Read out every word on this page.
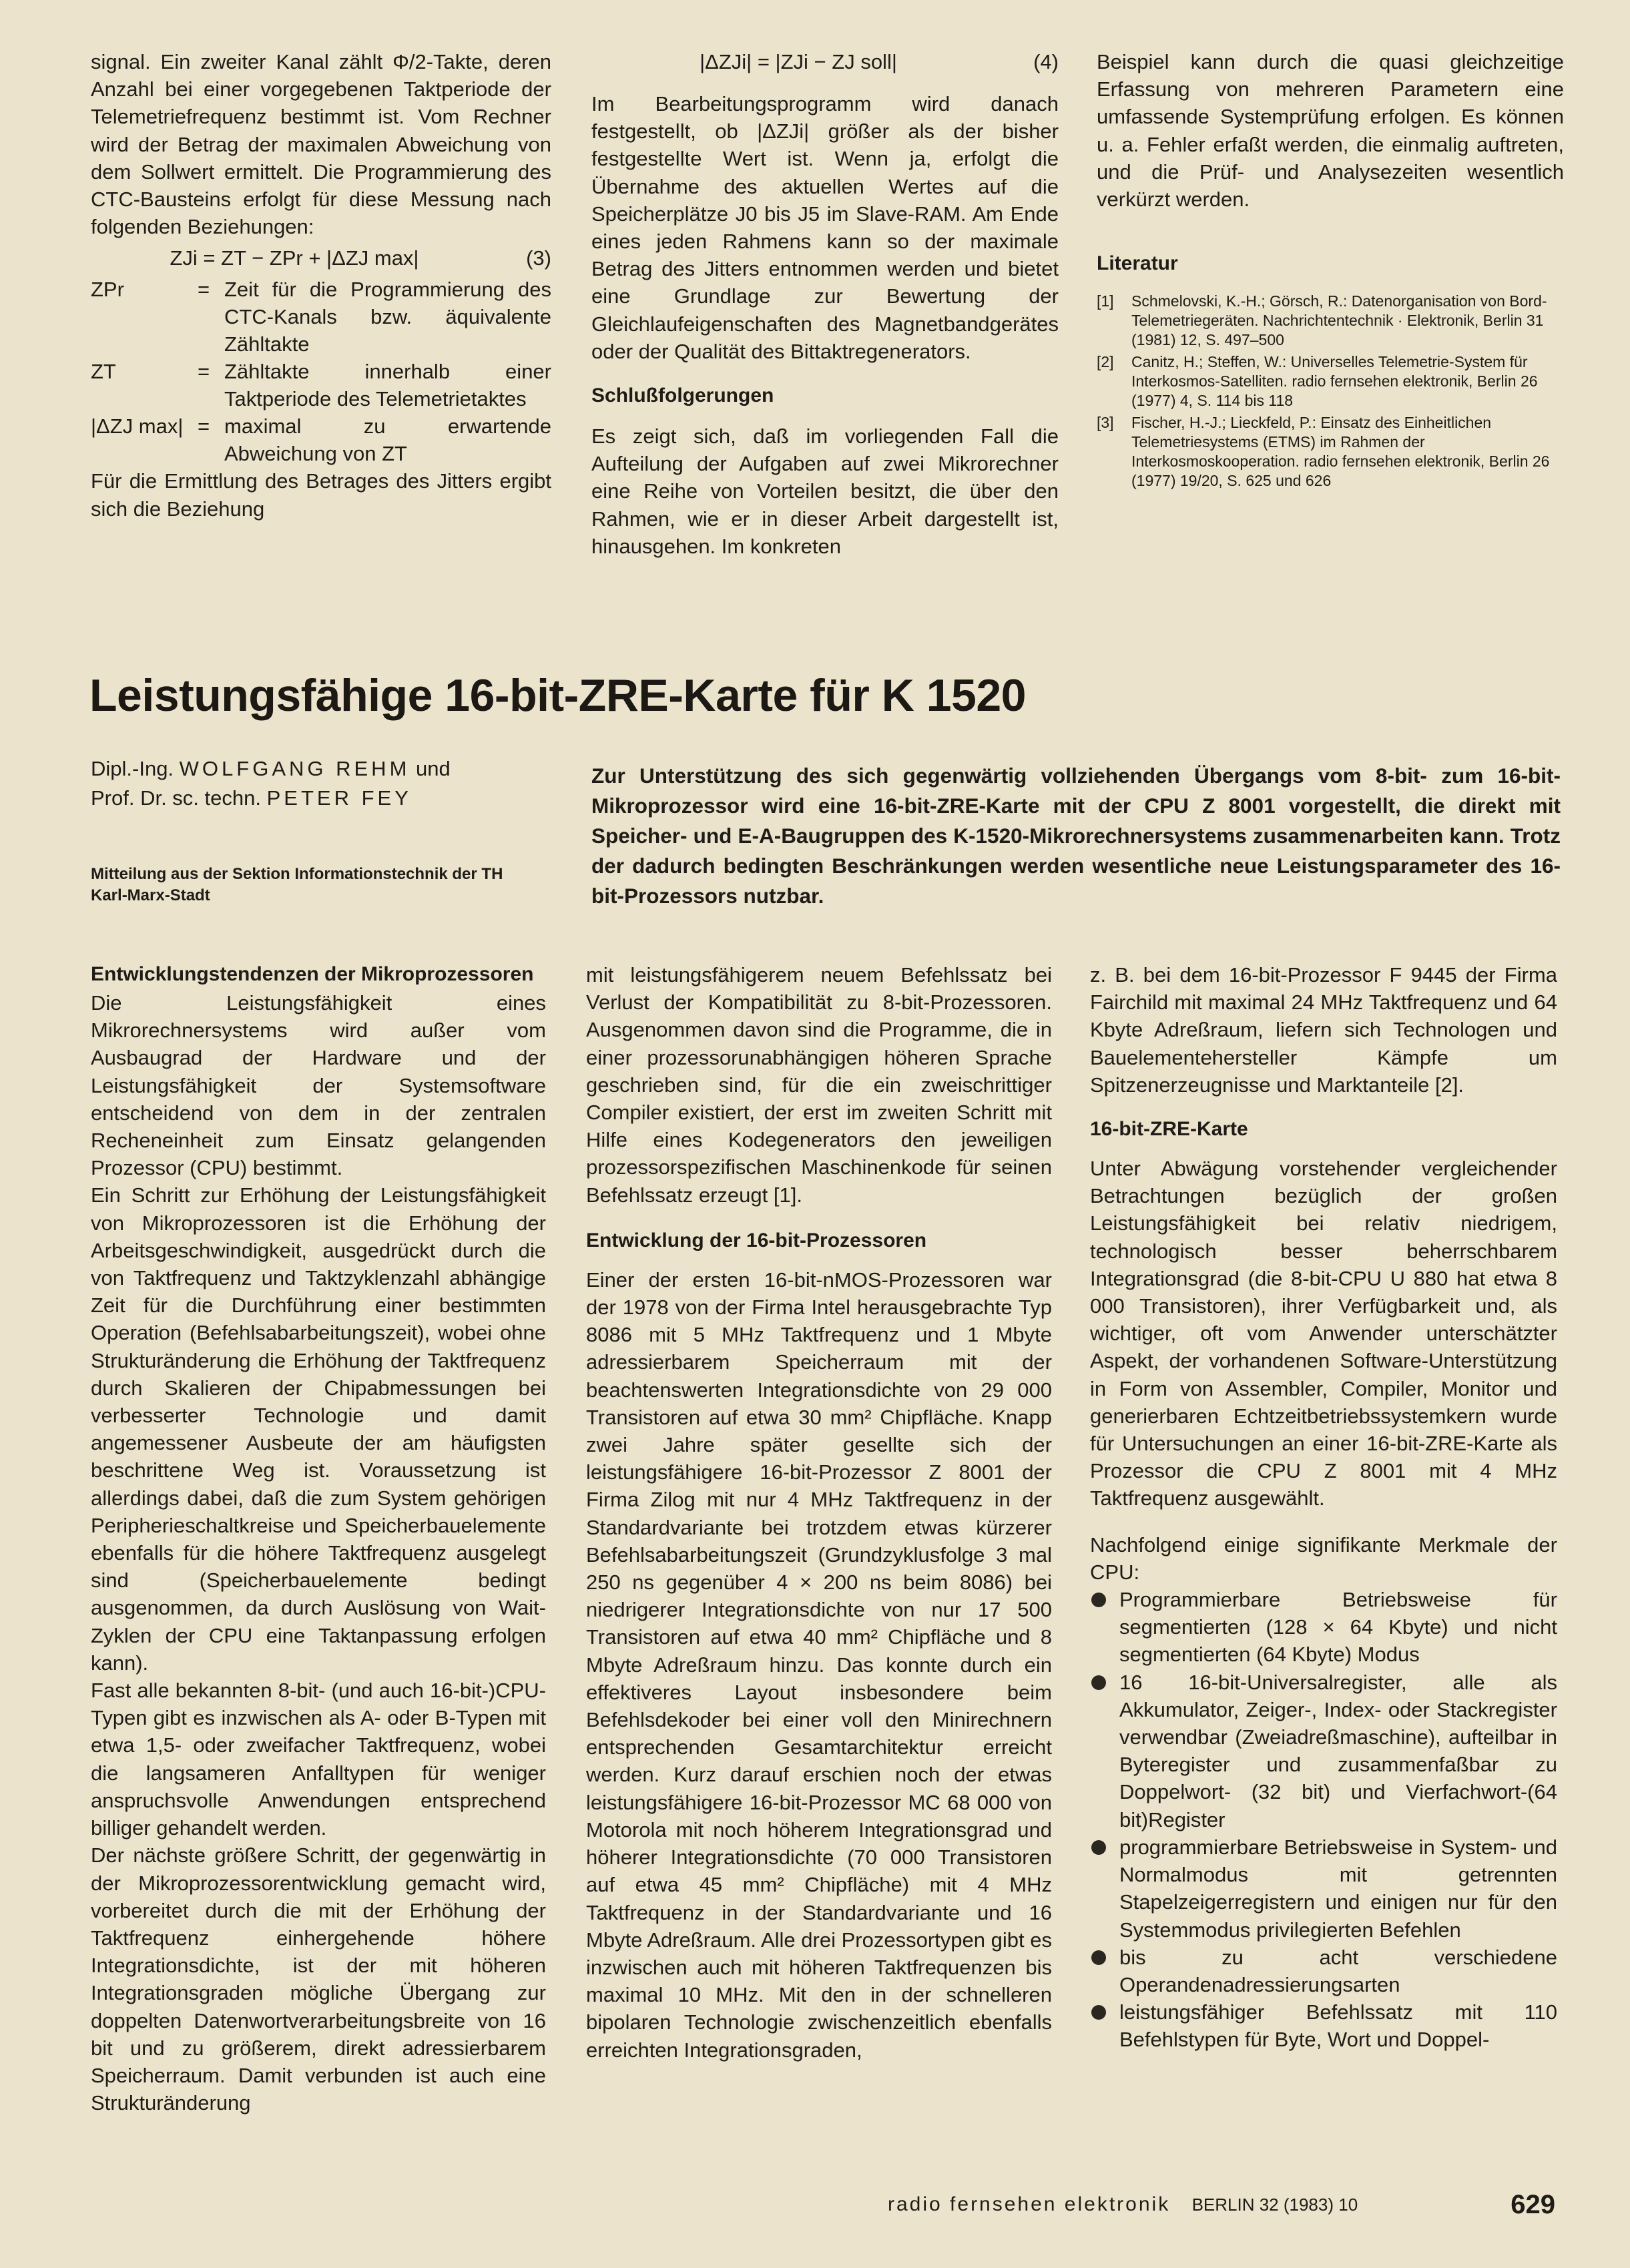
signal. Ein zweiter Kanal zählt Φ/2-Takte, deren Anzahl bei einer vorgegebenen Taktperiode der Telemetriefrequenz bestimmt ist. Vom Rechner wird der Betrag der maximalen Abweichung von dem Sollwert ermittelt. Die Programmierung des CTC-Bausteins erfolgt für diese Messung nach folgenden Beziehungen:

ZJi = ZT − ZPr + |ΔZJ max|	(3)
ZPr	= Zeit für die Programmierung des CTC-Kanals bzw. äquivalente Zähltakte
ZT	= Zähltakte innerhalb einer Taktperiode des Telemetrietaktes
|ΔZJ max| = maximal zu erwartende Abweichung von ZT

Für die Ermittlung des Betrages des Jitters ergibt sich die Beziehung

|ΔZJi| = |ZJi − ZJ soll|	(4)

Im Bearbeitungsprogramm wird danach festgestellt, ob |ΔZJi| größer als der bisher festgestellte Wert ist. Wenn ja, erfolgt die Übernahme des aktuellen Wertes auf die Speicherplätze J0 bis J5 im Slave-RAM. Am Ende eines jeden Rahmens kann so der maximale Betrag des Jitters entnommen werden und bietet eine Grundlage zur Bewertung der Gleichlaufeigenschaften des Magnetbandgerätes oder der Qualität des Bittaktregenerators.

Schlußfolgerungen

Es zeigt sich, daß im vorliegenden Fall die Aufteilung der Aufgaben auf zwei Mikrorechner eine Reihe von Vorteilen besitzt, die über den Rahmen, wie er in dieser Arbeit dargestellt ist, hinausgehen. Im konkreten

Beispiel kann durch die quasi gleichzeitige Erfassung von mehreren Parametern eine umfassende Systemprüfung erfolgen. Es können u. a. Fehler erfaßt werden, die einmalig auftreten, und die Prüf- und Analysezeiten wesentlich verkürzt werden.

Literatur

[1] Schmelovski, K.-H.; Görsch, R.: Datenorganisation von Bord-Telemetriegeräten. Nachrichtentechnik · Elektronik, Berlin 31 (1981) 12, S. 497–500
[2] Canitz, H.; Steffen, W.: Universelles Telemetrie-System für Interkosmos-Satelliten. radio fernsehen elektronik, Berlin 26 (1977) 4, S. 114 bis 118
[3] Fischer, H.-J.; Lieckfeld, P.: Einsatz des Einheitlichen Telemetriesystems (ETMS) im Rahmen der Interkosmoskooperation. radio fernsehen elektronik, Berlin 26 (1977) 19/20, S. 625 und 626
Leistungsfähige 16-bit-ZRE-Karte für K 1520
Dipl.-Ing. WOLFGANG REHM und
Prof. Dr. sc. techn. PETER FEY
Mitteilung aus der Sektion Informationstechnik der TH Karl-Marx-Stadt
Zur Unterstützung des sich gegenwärtig vollziehenden Übergangs vom 8-bit- zum 16-bit-Mikroprozessor wird eine 16-bit-ZRE-Karte mit der CPU Z 8001 vorgestellt, die direkt mit Speicher- und E-A-Baugruppen des K-1520-Mikrorechnersystems zusammenarbeiten kann. Trotz der dadurch bedingten Beschränkungen werden wesentliche neue Leistungsparameter des 16-bit-Prozessors nutzbar.

Entwicklungstendenzen der Mikroprozessoren

Die Leistungsfähigkeit eines Mikrorechnersystems wird außer vom Ausbaugrad der Hardware und der Leistungsfähigkeit der Systemsoftware entscheidend von dem in der zentralen Recheneinheit zum Einsatz gelangenden Prozessor (CPU) bestimmt.

Ein Schritt zur Erhöhung der Leistungsfähigkeit von Mikroprozessoren ist die Erhöhung der Arbeitsgeschwindigkeit, ausgedrückt durch die von Taktfrequenz und Taktzyklenzahl abhängige Zeit für die Durchführung einer bestimmten Operation (Befehlsabarbeitungszeit), wobei ohne Strukturänderung die Erhöhung der Taktfrequenz durch Skalieren der Chipabmessungen bei verbesserter Technologie und damit angemessener Ausbeute der am häufigsten beschrittene Weg ist. Voraussetzung ist allerdings dabei, daß die zum System gehörigen Peripherieschaltkreise und Speicherbauelemente ebenfalls für die höhere Taktfrequenz ausgelegt sind (Speicherbauelemente bedingt ausgenommen, da durch Auslösung von Wait-Zyklen der CPU eine Taktanpassung erfolgen kann).

Fast alle bekannten 8-bit- (und auch 16-bit-)CPU-Typen gibt es inzwischen als A- oder B-Typen mit etwa 1,5- oder zweifacher Taktfrequenz, wobei die langsameren Anfalltypen für weniger anspruchsvolle Anwendungen entsprechend billiger gehandelt werden.

Der nächste größere Schritt, der gegenwärtig in der Mikroprozessorentwicklung gemacht wird, vorbereitet durch die mit der Erhöhung der Taktfrequenz einhergehende höhere Integrationsdichte, ist der mit höheren Integrationsgraden mögliche Übergang zur doppelten Datenwortverarbeitungsbreite von 16 bit und zu größerem, direkt adressierbarem Speicherraum. Damit verbunden ist auch eine Strukturänderung

mit leistungsfähigerem neuem Befehlssatz bei Verlust der Kompatibilität zu 8-bit-Prozessoren. Ausgenommen davon sind die Programme, die in einer prozessorunabhängigen höheren Sprache geschrieben sind, für die ein zweischrittiger Compiler existiert, der erst im zweiten Schritt mit Hilfe eines Kodegenerators den jeweiligen prozessorspezifischen Maschinenkode für seinen Befehlssatz erzeugt [1].

Entwicklung der 16-bit-Prozessoren

Einer der ersten 16-bit-nMOS-Prozessoren war der 1978 von der Firma Intel herausgebrachte Typ 8086 mit 5 MHz Taktfrequenz und 1 Mbyte adressierbarem Speicherraum mit der beachtenswerten Integrationsdichte von 29 000 Transistoren auf etwa 30 mm² Chipfläche. Knapp zwei Jahre später gesellte sich der leistungsfähigere 16-bit-Prozessor Z 8001 der Firma Zilog mit nur 4 MHz Taktfrequenz in der Standardvariante bei trotzdem etwas kürzerer Befehlsabarbeitungszeit (Grundzyklusfolge 3 mal 250 ns gegenüber 4 × 200 ns beim 8086) bei niedrigerer Integrationsdichte von nur 17 500 Transistoren auf etwa 40 mm² Chipfläche und 8 Mbyte Adreßraum hinzu. Das konnte durch ein effektiveres Layout insbesondere beim Befehlsdekoder bei einer voll den Minirechnern entsprechenden Gesamtarchitektur erreicht werden. Kurz darauf erschien noch der etwas leistungsfähigere 16-bit-Prozessor MC 68 000 von Motorola mit noch höherem Integrationsgrad und höherer Integrationsdichte (70 000 Transistoren auf etwa 45 mm² Chipfläche) mit 4 MHz Taktfrequenz in der Standardvariante und 16 Mbyte Adreßraum. Alle drei Prozessortypen gibt es inzwischen auch mit höheren Taktfrequenzen bis maximal 10 MHz. Mit den in der schnelleren bipolaren Technologie zwischenzeitlich ebenfalls erreichten Integrationsgraden,

z. B. bei dem 16-bit-Prozessor F 9445 der Firma Fairchild mit maximal 24 MHz Taktfrequenz und 64 Kbyte Adreßraum, liefern sich Technologen und Bauelementehersteller Kämpfe um Spitzenerzeugnisse und Marktanteile [2].

16-bit-ZRE-Karte

Unter Abwägung vorstehender vergleichender Betrachtungen bezüglich der großen Leistungsfähigkeit bei relativ niedrigem, technologisch besser beherrschbarem Integrationsgrad (die 8-bit-CPU U 880 hat etwa 8 000 Transistoren), ihrer Verfügbarkeit und, als wichtiger, oft vom Anwender unterschätzter Aspekt, der vorhandenen Software-Unterstützung in Form von Assembler, Compiler, Monitor und generierbaren Echtzeitbetriebssystemkern wurde für Untersuchungen an einer 16-bit-ZRE-Karte als Prozessor die CPU Z 8001 mit 4 MHz Taktfrequenz ausgewählt.

Nachfolgend einige signifikante Merkmale der CPU:

Programmierbare Betriebsweise für segmentierten (128 × 64 Kbyte) und nicht segmentierten (64 Kbyte) Modus
16 16-bit-Universalregister, alle als Akkumulator, Zeiger-, Index- oder Stackregister verwendbar (Zweiadreßmaschine), aufteilbar in Byteregister und zusammenfaßbar zu Doppelwort- (32 bit) und Vierfachwort-(64 bit)Register
programmierbare Betriebsweise in System- und Normalmodus mit getrennten Stapelzeigerregistern und einigen nur für den Systemmodus privilegierten Befehlen
bis zu acht verschiedene Operandenadressierungsarten
leistungsfähiger Befehlssatz mit 110 Befehlstypen für Byte, Wort und Doppel-
radio fernsehen elektronik BERLIN 32 (1983) 10	629
